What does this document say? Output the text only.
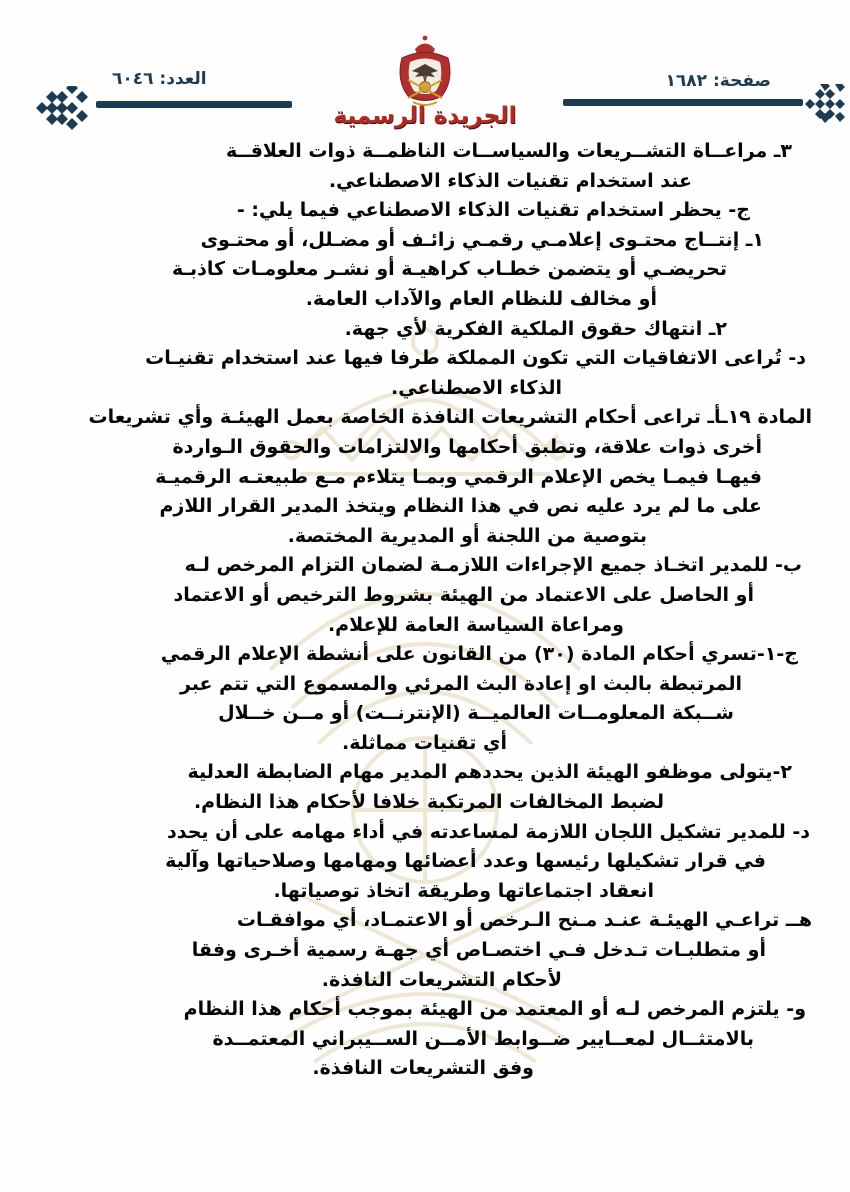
صفحة: ١٦٨٢
العدد: ٦٠٤٦
الجريدة الرسمية
٣ـ مراعــاة التشــريعات والسياســات الناظمــة ذوات العلاقــة
عند استخدام تقنيات الذكاء الاصطناعي.
ج- يحظر استخدام تقنيات الذكاء الاصطناعي فيما يلي: -
١ـ إنتــاج محتـوى إعلامـي رقمـي زائـف أو مضـلل، أو محتـوى
تحريضـي أو يتضمن خطـاب كراهيـة أو نشـر معلومـات كاذبـة
أو مخالف للنظام العام والآداب العامة.
٢ـ انتهاك حقوق الملكية الفكرية لأي جهة.
د- تُراعى الاتفاقيات التي تكون المملكة طرفا فيها عند استخدام تقنيـات
الذكاء الاصطناعي.
المادة ١٩ـأـ تراعى أحكام التشريعات النافذة الخاصة بعمل الهيئـة وأي تشريعات
أخرى ذوات علاقة، وتطبق أحكامها والالتزامات والحقوق الـواردة
فيهـا فيمـا يخص الإعلام الرقمي وبمـا يتلاءم مـع طبيعتـه الرقميـة
على ما لم يرد عليه نص في هذا النظام ويتخذ المدير القرار اللازم
بتوصية من اللجنة أو المديرية المختصة.
ب- للمدير اتخـاذ جميع الإجراءات اللازمـة لضمان التزام المرخص لـه
أو الحاصل على الاعتماد من الهيئة بشروط الترخيص أو الاعتماد
ومراعاة السياسة العامة للإعلام.
ج-١-تسري أحكام المادة (٣٠) من القانون على أنشطة الإعلام الرقمي
المرتبطة بالبث او إعادة البث المرئي والمسموع التي تتم عبر
شــبكة المعلومــات العالميــة (الإنترنــت) أو مــن خــلال
أي تقنيات مماثلة.
٢-يتولى موظفو الهيئة الذين يحددهم المدير مهام الضابطة العدلية
لضبط المخالفات المرتكبة خلافا لأحكام هذا النظام.
د- للمدير تشكيل اللجان اللازمة لمساعدته في أداء مهامه على أن يحدد
في قرار تشكيلها رئيسها وعدد أعضائها ومهامها وصلاحياتها وآلية
انعقاد اجتماعاتها وطريقة اتخاذ توصياتها.
هــ تراعـي الهيئـة عنـد مـنح الـرخص أو الاعتمـاد، أي موافقـات
أو متطلبـات تـدخل فـي اختصـاص أي جهـة رسمية أخـرى وفقا
لأحكام التشريعات النافذة.
و- يلتزم المرخص لـه أو المعتمد من الهيئة بموجب أحكام هذا النظام
بالامتثــال لمعــايير ضــوابط الأمــن الســيبراني المعتمــدة
وفق التشريعات النافذة.
